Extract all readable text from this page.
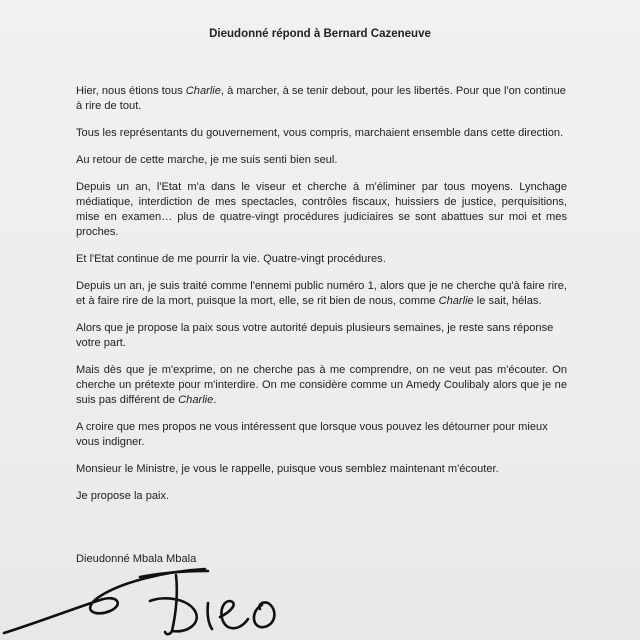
Dieudonné répond à Bernard Cazeneuve

Hier, nous étions tous Charlie, à marcher, à se tenir debout, pour les libertés. Pour que l'on continue à rire de tout.

Tous les représentants du gouvernement, vous compris, marchaient ensemble dans cette direction.

Au retour de cette marche, je me suis senti bien seul.

Depuis un an, l'Etat m'a dans le viseur et cherche à m'éliminer par tous moyens. Lynchage médiatique, interdiction de mes spectacles, contrôles fiscaux, huissiers de justice, perquisitions, mise en examen… plus de quatre-vingt procédures judiciaires se sont abattues sur moi et mes proches.

Et l'Etat continue de me pourrir la vie. Quatre-vingt procédures.

Depuis un an, je suis traité comme l'ennemi public numéro 1, alors que je ne cherche qu'à faire rire, et à faire rire de la mort, puisque la mort, elle, se rit bien de nous, comme Charlie le sait, hélas.

Alors que je propose la paix sous votre autorité depuis plusieurs semaines, je reste sans réponse votre part.

Mais dès que je m'exprime, on ne cherche pas à me comprendre, on ne veut pas m'écouter. On cherche un prétexte pour m'interdire. On me considère comme un Amedy Coulibaly alors que je ne suis pas différent de Charlie.

A croire que mes propos ne vous intéressent que lorsque vous pouvez les détourner pour mieux vous indigner.

Monsieur le Ministre, je vous le rappelle, puisque vous semblez maintenant m'écouter.

Je propose la paix.

Dieudonné Mbala Mbala
